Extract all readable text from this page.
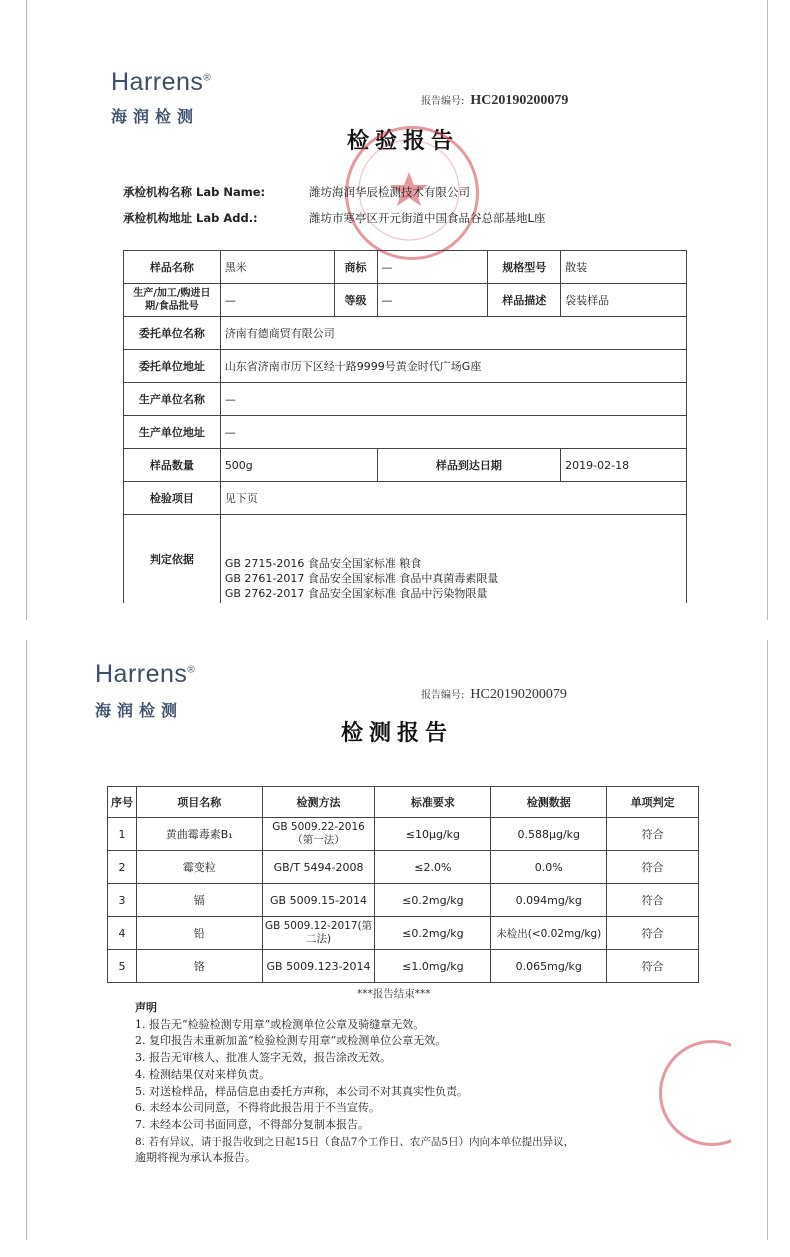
Harrens®
海润检测
报告编号: HC20190200079
检验报告
承检机构名称 Lab Name:	潍坊海润华辰检测技术有限公司
承检机构地址 Lab Add.:	潍坊市寒亭区开元街道中国食品谷总部基地L座
样品名称	黑米	商标	—	规格型号	散装
生产/加工/购进日期/食品批号	—	等级	—	样品描述	袋装样品
委托单位名称	济南有德商贸有限公司				
委托单位地址	山东省济南市历下区经十路9999号黄金时代广场G座				
生产单位名称	—				
生产单位地址	—				
样品数量	500g		样品到达日期		2019-02-18
检验项目	见下页				
判定依据	GB 2715-2016 食品安全国家标准 粮食
GB 2761-2017 食品安全国家标准 食品中真菌毒素限量
GB 2762-2017 食品安全国家标准 食品中污染物限量				
Harrens®
海润检测
报告编号: HC20190200079
检测报告
序号	项目名称	检测方法	标准要求	检测数据	单项判定
1	黄曲霉毒素B₁	GB 5009.22-2016（第一法）	≤10μg/kg	0.588μg/kg	符合
2	霉变粒	GB/T 5494-2008	≤2.0%	0.0%	符合
3	镉	GB 5009.15-2014	≤0.2mg/kg	0.094mg/kg	符合
4	铅	GB 5009.12-2017(第二法)	≤0.2mg/kg	未检出(<0.02mg/kg)	符合
5	铬	GB 5009.123-2014	≤1.0mg/kg	0.065mg/kg	符合
***报告结束***
声明
1. 报告无“检验检测专用章”或检测单位公章及骑缝章无效。
2. 复印报告未重新加盖“检验检测专用章”或检测单位公章无效。
3. 报告无审核人、批准人签字无效，报告涂改无效。
4. 检测结果仅对来样负责。
5. 对送检样品，样品信息由委托方声称，本公司不对其真实性负责。
6. 未经本公司同意，不得将此报告用于不当宣传。
7. 未经本公司书面同意，不得部分复制本报告。
8. 若有异议，请于报告收到之日起15日（食品7个工作日、农产品5日）内向本单位提出异议，
逾期将视为承认本报告。
